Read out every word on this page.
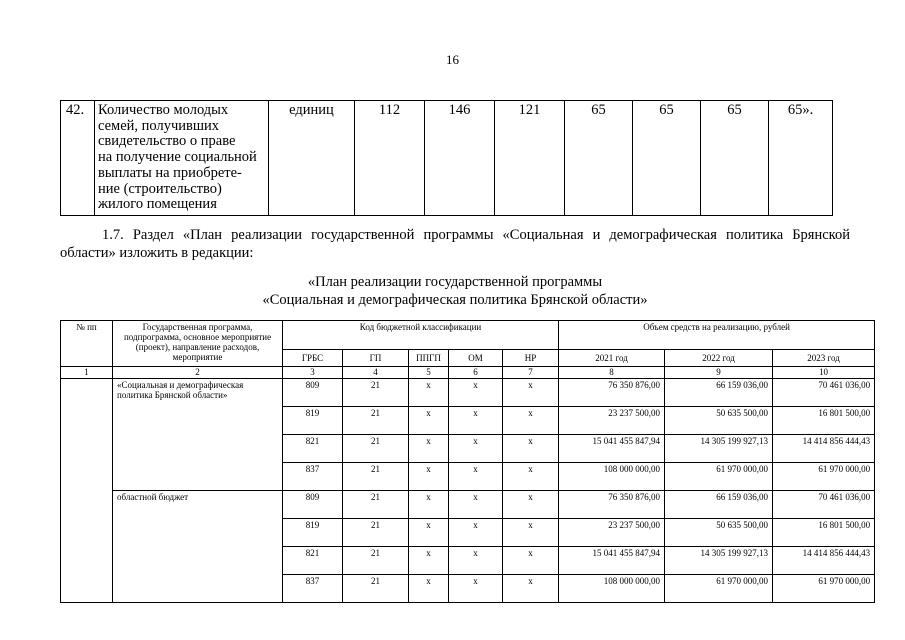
16
42.	Количество молодых
семей, получивших
свидетельство о праве
на получение социальной
выплаты на приобрете-
ние (строительство)
жилого помещения
	единиц	112	146	121	65	65	65	65».
1.7. Раздел «План реализации государственной программы «Социальная и демографическая политика Брянской области» изложить в редакции:
«План реализации государственной программы
«Социальная и демографическая политика Брянской области»
№ пп	Государственная программа, подпрограмма, основное мероприятие (проект), направление расходов, мероприятие	Код бюджетной классификации					Объем средств на реализацию, рублей		
		ГРБС	ГП	ППГП	ОМ	НР	2021 год	2022 год	2023 год
1	2	3	4	5	6	7	8	9	10
	«Социальная и демографическая политика Брянской области»	809	21	х	х	х	76 350 876,00	66 159 036,00	70 461 036,00
		819	21	х	х	х	23 237 500,00	50 635 500,00	16 801 500,00
		821	21	х	х	х	15 041 455 847,94	14 305 199 927,13	14 414 856 444,43
		837	21	х	х	х	108 000 000,00	61 970 000,00	61 970 000,00
	областной бюджет	809	21	х	х	х	76 350 876,00	66 159 036,00	70 461 036,00
		819	21	х	х	х	23 237 500,00	50 635 500,00	16 801 500,00
		821	21	х	х	х	15 041 455 847,94	14 305 199 927,13	14 414 856 444,43
		837	21	х	х	х	108 000 000,00	61 970 000,00	61 970 000,00
